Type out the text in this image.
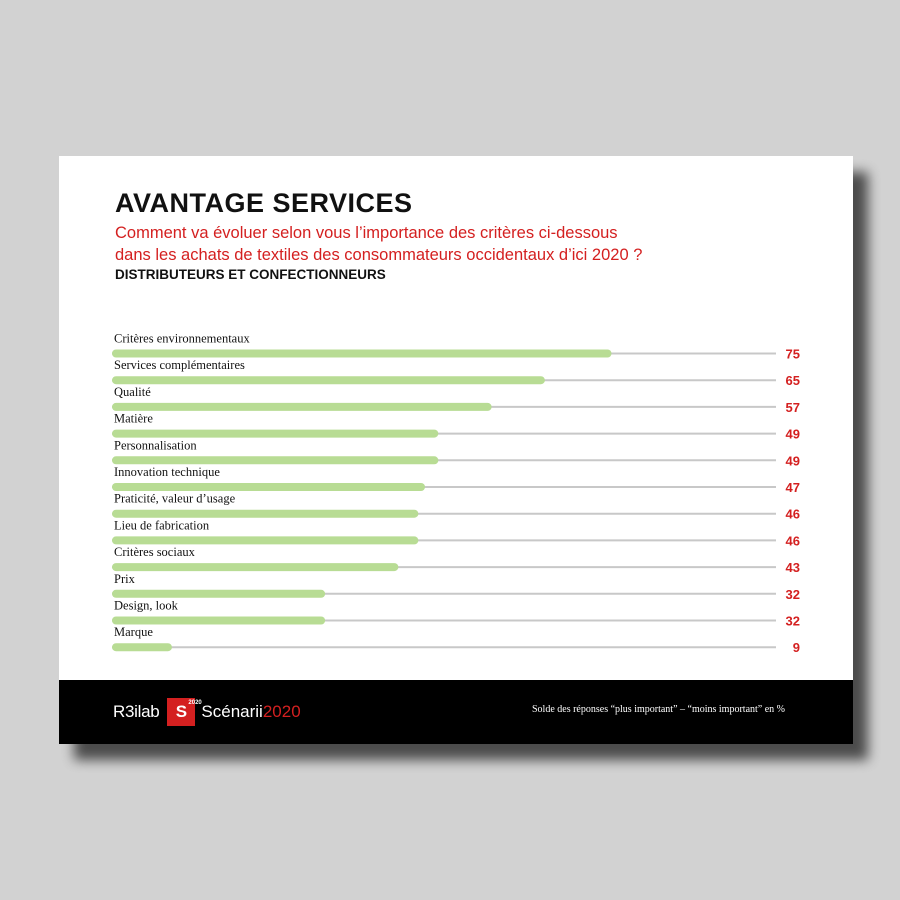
AVANTAGE SERVICES

Comment va évoluer selon vous l’importance des critères ci-dessous
dans les achats de textiles des consommateurs occidentaux d’ici 2020 ?

DISTRIBUTEURS ET CONFECTIONNEURS
Critères environnementaux
75
Services complémentaires
65
Qualité
57
Matière
49
Personnalisation
49
Innovation technique
47
Praticité, valeur d’usage
46
Lieu de fabrication
46
Critères sociaux
43
Prix
32
Design, look
32
Marque
9
R3ilab S 2020 Scénarii2020	Solde des réponses “plus important” – “moins important” en %
